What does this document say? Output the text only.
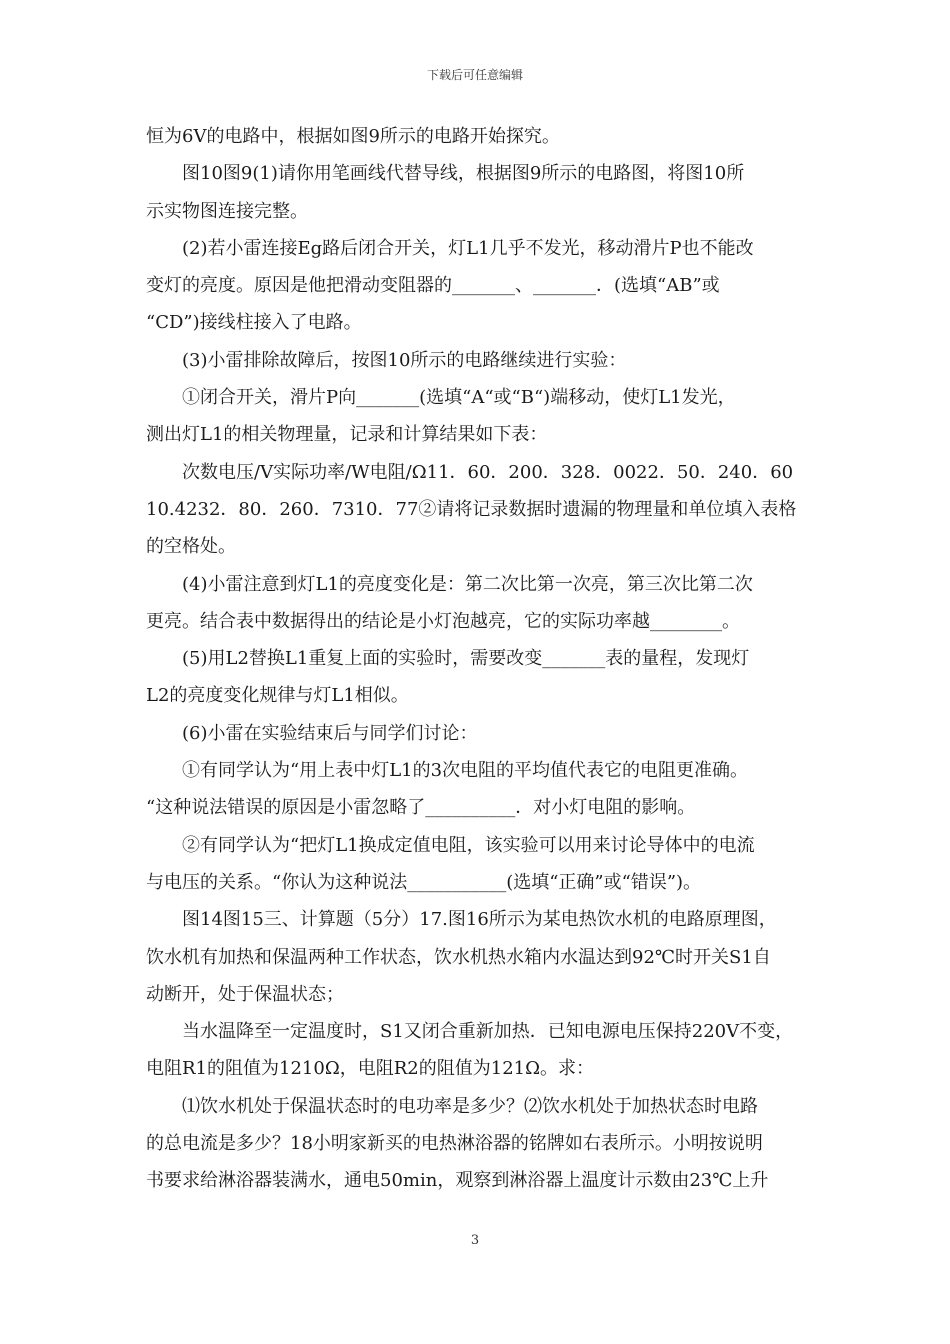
下载后可任意编辑
恒为6V的电路中，根据如图9所示的电路开始探究。
　　图10图9(1)请你用笔画线代替导线，根据图9所示的电路图，将图10所
示实物图连接完整。
　　(2)若小雷连接Eg路后闭合开关，灯L1几乎不发光，移动滑片P也不能改
变灯的亮度。原因是他把滑动变阻器的_______、_______．(选填“AB”或
“CD”)接线柱接入了电路。
　　(3)小雷排除故障后，按图10所示的电路继续进行实验：
　　①闭合开关，滑片P向_______(选填“A“或“B“)端移动，使灯L1发光，
测出灯L1的相关物理量，记录和计算结果如下表：
　　次数电压/V实际功率/W电阻/Ω11．60．200．328．0022．50．240．60
10.4232．80．260．7310．77②请将记录数据时遗漏的物理量和单位填入表格
的空格处。
　　(4)小雷注意到灯L1的亮度变化是：第二次比第一次亮，第三次比第二次
更亮。结合表中数据得出的结论是小灯泡越亮，它的实际功率越________。
　　(5)用L2替换L1重复上面的实验时，需要改变_______表的量程，发现灯
L2的亮度变化规律与灯L1相似。
　　(6)小雷在实验结束后与同学们讨论：
　　①有同学认为“用上表中灯L1的3次电阻的平均值代表它的电阻更准确。
“这种说法错误的原因是小雷忽略了__________．对小灯电阻的影响。
　　②有同学认为“把灯L1换成定值电阻，该实验可以用来讨论导体中的电流
与电压的关系。“你认为这种说法___________(选填“正确”或“错误”)。
　　图14图15三、计算题（5分）17.图16所示为某电热饮水机的电路原理图，
饮水机有加热和保温两种工作状态，饮水机热水箱内水温达到92℃时开关S1自
动断开，处于保温状态；
　　当水温降至一定温度时，S1又闭合重新加热．已知电源电压保持220V不变，
电阻R1的阻值为1210Ω，电阻R2的阻值为121Ω。求：
　　⑴饮水机处于保温状态时的电功率是多少？⑵饮水机处于加热状态时电路
的总电流是多少？18小明家新买的电热淋浴器的铭牌如右表所示。小明按说明
书要求给淋浴器装满水，通电50min，观察到淋浴器上温度计示数由23℃上升
3
